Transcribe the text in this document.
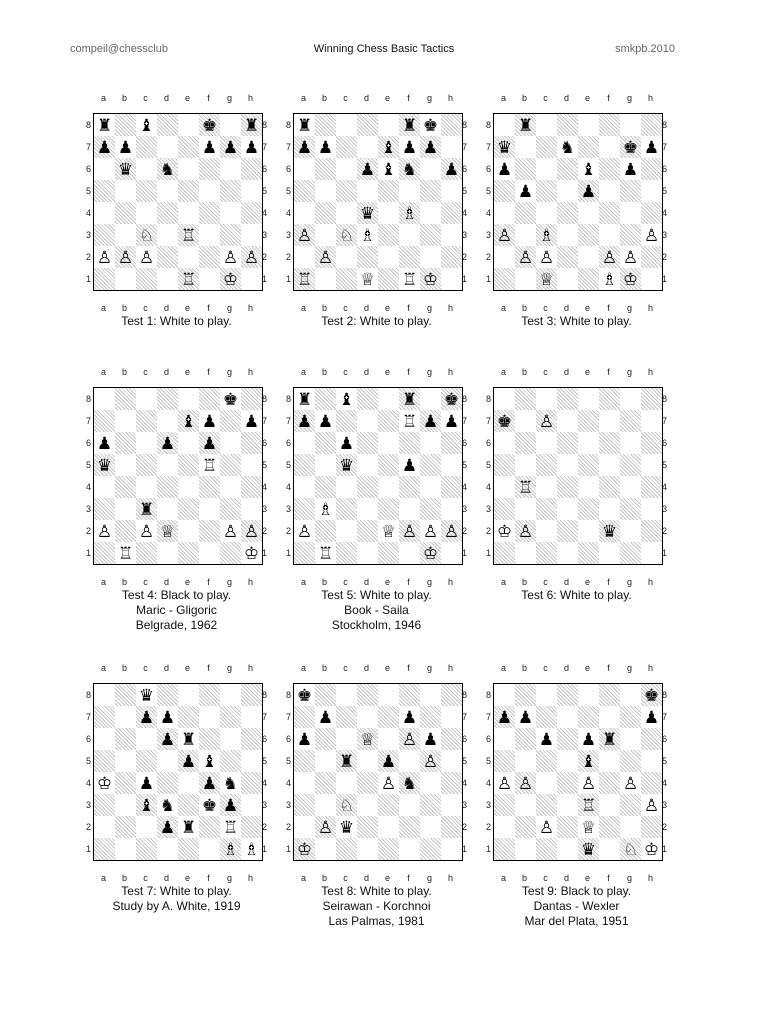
compeil@chessclub	Winning Chess Basic Tactics	smkpb.2010
a	b	c	d	e	f	g	h
a	b	c	d	e	f	g	h
8
7
6
5
4
3
2
1
8
7
6
5
4
3
2
1
♜ ♝	♚ ♜
♟ ♟	♟ ♟ ♟
♛ ♞
♘ ♖
♙ ♙ ♙	♙ ♙
♖ ♔
Test 1: White to play.
a	b	c	d	e	f	g	h
a	b	c	d	e	f	g	h
8
7
6
5
4
3
2
1
8
7
6
5
4
3
2
1
♜	♜ ♚
♟ ♟	♝ ♟ ♟
♟ ♝ ♞ ♟
♛ ♗
♙ ♘ ♗
♙
♖	♕ ♖ ♔
Test 2: White to play.
a	b	c	d	e	f	g	h
a	b	c	d	e	f	g	h
8
7
6
5
4
3
2
1
8
7
6
5
4
3
2
1
♜
♛	♞	♚ ♟
♟	♝ ♟
♟	♟
♙ ♗	♙
♙ ♙	♙ ♙
♕	♗ ♔
Test 3: White to play.
a	b	c	d	e	f	g	h
a	b	c	d	e	f	g	h
8
7
6
5
4
3
2
1
8
7
6
5
4
3
2
1
♚
♝ ♟ ♟
♟	♟ ♟
♛	♖
♜
♙ ♙ ♕	♙ ♙
♖	♔
Test 4: Black to play.
Maric - Gligoric
Belgrade, 1962
a	b	c	d	e	f	g	h
a	b	c	d	e	f	g	h
8
7
6
5
4
3
2
1
8
7
6
5
4
3
2
1
♜ ♝	♜ ♚
♟ ♟	♖ ♟ ♟
♟
♛	♟
♗
♙	♕ ♙ ♙ ♙
♖	♔
Test 5: White to play.
Book - Saila
Stockholm, 1946
a	b	c	d	e	f	g	h
a	b	c	d	e	f	g	h
8
7
6
5
4
3
2
1
8
7
6
5
4
3
2
1
♚ ♙
♖
♔ ♙	♛
Test 6: White to play.
a	b	c	d	e	f	g	h
a	b	c	d	e	f	g	h
8
7
6
5
4
3
2
1
8
7
6
5
4
3
2
1
♛
♟ ♟
♟ ♜
♟ ♝
♔ ♟	♟ ♞
♝ ♞ ♚ ♟
♟ ♜ ♖
♗ ♗
Test 7: White to play.
Study by A. White, 1919
a	b	c	d	e	f	g	h
a	b	c	d	e	f	g	h
8
7
6
5
4
3
2
1
8
7
6
5
4
3
2
1
♚
♟	♟
♟	♕ ♙ ♟
♜ ♟ ♙
♙ ♞
♘
♙ ♛
♔
Test 8: White to play.
Seirawan - Korchnoi
Las Palmas, 1981
a	b	c	d	e	f	g	h
a	b	c	d	e	f	g	h
8
7
6
5
4
3
2
1
8
7
6
5
4
3
2
1
♚
♟ ♟	♟
♟ ♟ ♜
♝
♙ ♙	♙ ♙
♖	♙
♙ ♕
♛ ♘ ♔
Test 9: Black to play.
Dantas - Wexler
Mar del Plata, 1951
